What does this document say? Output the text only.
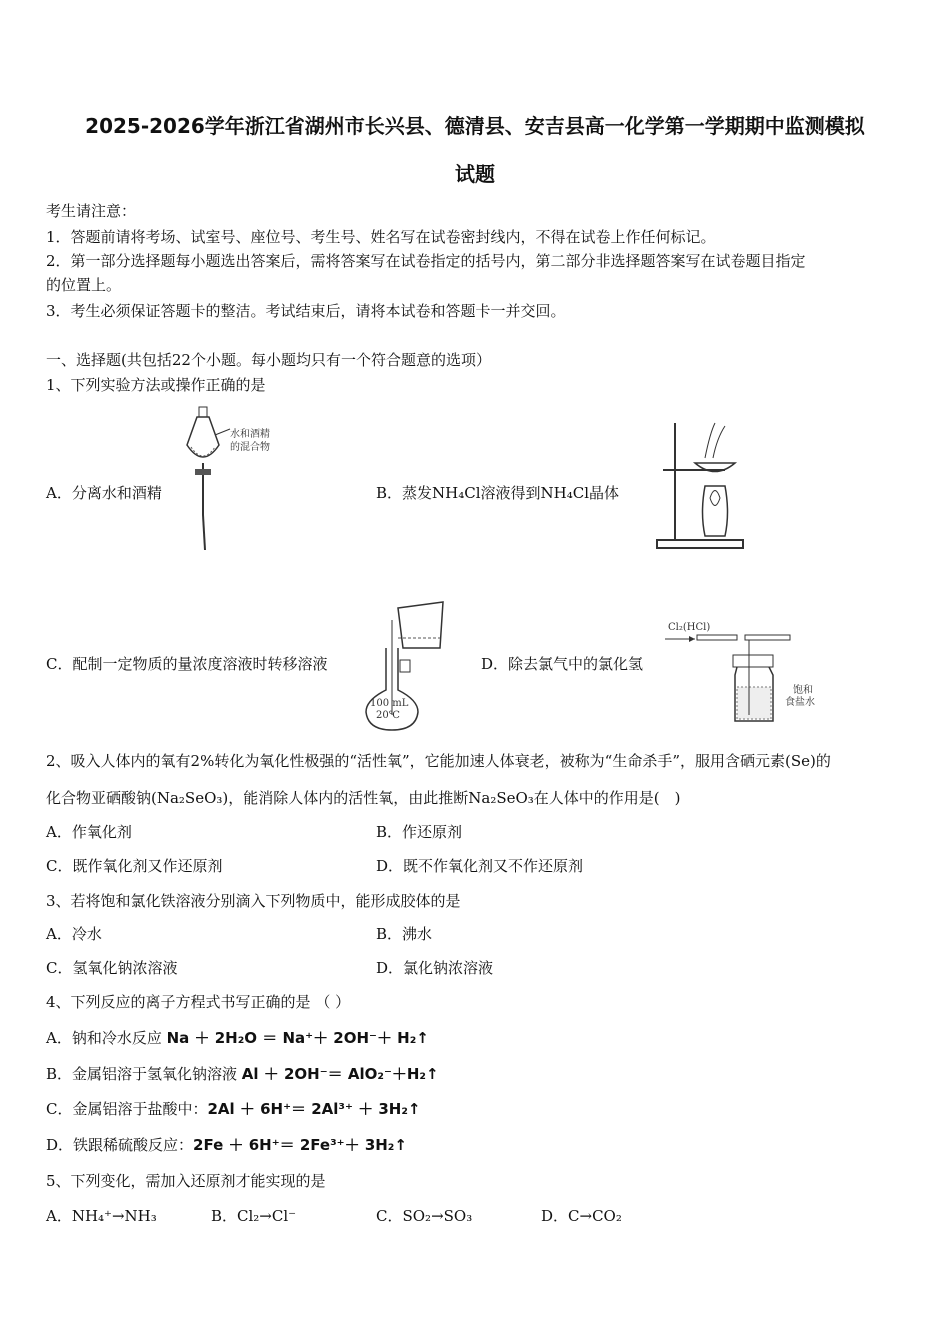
2025-2026学年浙江省湖州市长兴县、德清县、安吉县高一化学第一学期期中监测模拟
试题
考生请注意：
1．答题前请将考场、试室号、座位号、考生号、姓名写在试卷密封线内，不得在试卷上作任何标记。
2．第一部分选择题每小题选出答案后，需将答案写在试卷指定的括号内，第二部分非选择题答案写在试卷题目指定
的位置上。
3．考生必须保证答题卡的整洁。考试结束后，请将本试卷和答题卡一并交回。
一、选择题(共包括22个小题。每小题均只有一个符合题意的选项）
1、下列实验方法或操作正确的是
A．分离水和酒精
水和酒精
的混合物
B．蒸发NH₄Cl溶液得到NH₄Cl晶体
C．配制一定物质的量浓度溶液时转移溶液
100 mL
20℃
D．除去氯气中的氯化氢
Cl₂(HCl)
饱和
食盐水
2、吸入人体内的氧有2%转化为氧化性极强的“活性氧”，它能加速人体衰老，被称为“生命杀手”，服用含硒元素(Se)的
化合物亚硒酸钠(Na₂SeO₃)，能消除人体内的活性氧，由此推断Na₂SeO₃在人体中的作用是(　)
A．作氧化剂	B．作还原剂
C．既作氧化剂又作还原剂	D．既不作氧化剂又不作还原剂
3、若将饱和氯化铁溶液分别滴入下列物质中，能形成胶体的是
A．冷水	B．沸水
C．氢氧化钠浓溶液	D．氯化钠浓溶液
4、下列反应的离子方程式书写正确的是 （ ）
A．钠和冷水反应 Na ＋ 2H₂O ＝ Na⁺＋ 2OH⁻＋ H₂↑
B．金属铝溶于氢氧化钠溶液 Al ＋ 2OH⁻＝ AlO₂⁻＋H₂↑
C．金属铝溶于盐酸中：2Al ＋ 6H⁺＝ 2Al³⁺ ＋ 3H₂↑
D．铁跟稀硫酸反应：2Fe ＋ 6H⁺＝ 2Fe³⁺＋ 3H₂↑
5、下列变化，需加入还原剂才能实现的是
A．NH₄⁺→NH₃	B．Cl₂→Cl⁻	C．SO₂→SO₃	D．C→CO₂
